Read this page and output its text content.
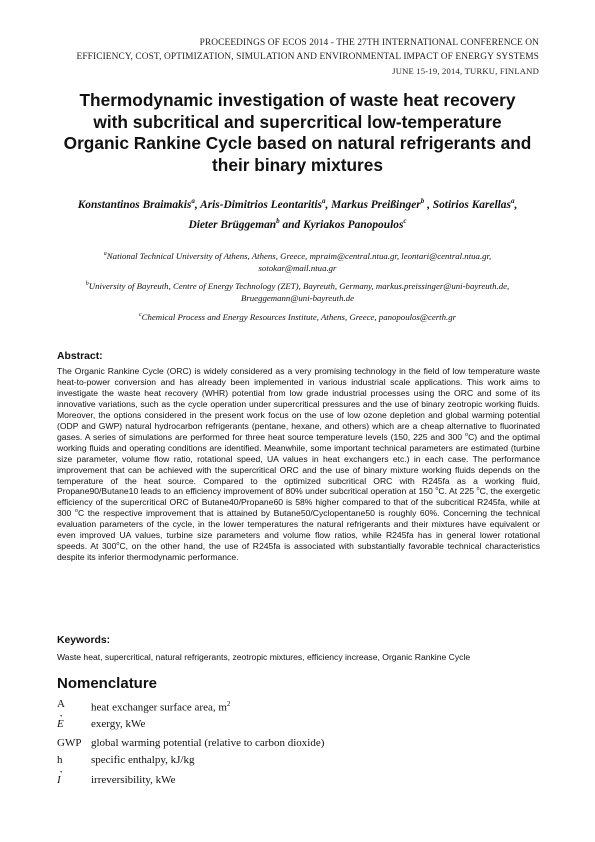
PROCEEDINGS OF ECOS 2014 - THE 27TH INTERNATIONAL CONFERENCE ON
EFFICIENCY, COST, OPTIMIZATION, SIMULATION AND ENVIRONMENTAL IMPACT OF ENERGY SYSTEMS
JUNE 15-19, 2014, TURKU, FINLAND
Thermodynamic investigation of waste heat recovery with subcritical and supercritical low-temperature Organic Rankine Cycle based on natural refrigerants and their binary mixtures
Konstantinos Braimakis$^a$, Aris-Dimitrios Leontaritis$^a$, Markus Preißinger$^b$ , Sotirios Karellas$^a$, Dieter Brüggeman$^b$ and Kyriakos Panopoulos$^c$
$^a$National Technical University of Athens, Athens, Greece, mpraim@central.ntua.gr, leontari@central.ntua.gr, sotokar@mail.ntua.gr
$^b$University of Bayreuth, Centre of Energy Technology (ZET), Bayreuth, Germany, markus.preissinger@uni-bayreuth.de, Brueggemann@uni-bayreuth.de
$^c$Chemical Process and Energy Resources Institute, Athens, Greece, panopoulos@certh.gr
Abstract:
The Organic Rankine Cycle (ORC) is widely considered as a very promising technology in the field of low temperature waste heat-to-power conversion and has already been implemented in various industrial scale applications. This work aims to investigate the waste heat recovery (WHR) potential from low grade industrial processes using the ORC and some of its innovative variations, such as the cycle operation under supercritical pressures and the use of binary zeotropic working fluids. Moreover, the options considered in the present work focus on the use of low ozone depletion and global warming potential (ODP and GWP) natural hydrocarbon refrigerants (pentane, hexane, and others) which are a cheap alternative to fluorinated gases. A series of simulations are performed for three heat source temperature levels (150, 225 and 300 $^o$C) and the optimal working fluids and operating conditions are identified. Meanwhile, some important technical parameters are estimated (turbine size parameter, volume flow ratio, rotational speed, UA values in heat exchangers etc.) in each case. The performance improvement that can be achieved with the supercritical ORC and the use of binary mixture working fluids depends on the temperature of the heat source. Compared to the optimized subcritical ORC with R245fa as a working fluid, Propane90/Butane10 leads to an efficiency improvement of 80% under subcritical operation at 150 $^o$C. At 225 $^o$C, the exergetic efficiency of the supercritical ORC of Butane40/Propane60 is 58% higher compared to that of the subcritical R245fa, while at 300 $^o$C the respective improvement that is attained by Butane50/Cyclopentane50 is roughly 60%. Concerning the technical evaluation parameters of the cycle, in the lower temperatures the natural refrigerants and their mixtures have equivalent or even improved UA values, turbine size parameters and volume flow ratios, while R245fa has in general lower rotational speeds. At 300$^o$C, on the other hand, the use of R245fa is associated with substantially favorable technical characteristics despite its inferior thermodynamic performance.
Keywords:
Waste heat, supercritical, natural refrigerants, zeotropic mixtures, efficiency increase, Organic Rankine Cycle
Nomenclature
A	heat exchanger surface area, $m^2$
· E	exergy, kWe
GWP global warming potential (relative to carbon dioxide)
h	specific enthalpy, kJ/kg
· I	irreversibility, kWe
